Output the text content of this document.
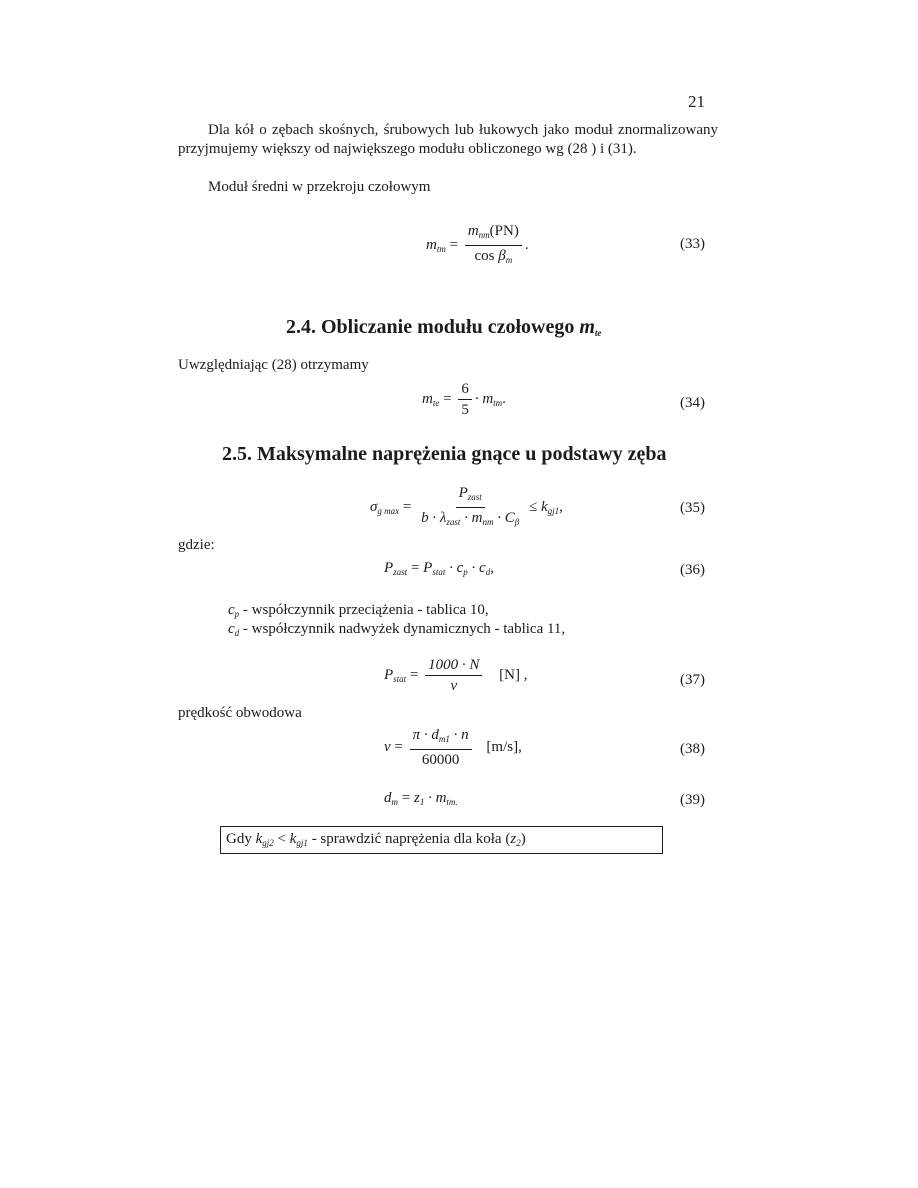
21
Dla kół o zębach skośnych, śrubowych lub łukowych jako moduł znormalizowany przyjmujemy większy od największego modułu obliczonego wg (28 ) i (31).
Moduł średni w przekroju czołowym
$m_{tm} = \frac{m_{nm}(PN)}{\cos \beta_m}$ .	(33)
2.4. Obliczanie modułu czołowego $m_{te}$
Uwzględniając (28) otrzymamy
$m_{te} = \frac{6}{5} \cdot m_{tm}$.	(34)
2.5. Maksymalne naprężenia gnące u podstawy zęba
$\sigma_{g max} = \frac{P_{zast}}{b \cdot \lambda_{zast} \cdot m_{nm} \cdot C_\beta} \le k_{gj1}$,	(35)
gdzie:
$P_{zast} = P_{stat} \cdot c_p \cdot c_d$,	(36)
$c_p$ - współczynnik przeciążenia - tablica 10,
$c_d$ - współczynnik nadwyżek dynamicznych - tablica 11,
$P_{stat} = \frac{1000 \cdot N}{v} [N]$ ,	(37)
prędkość obwodowa
$v = \frac{\pi \cdot d_{m1} \cdot n}{60000} [m/s]$,	(38)
$d_m = z_1 \cdot m_{tm.}$	(39)
Gdy $k_{gj2} < k_{gj1}$ - sprawdzić naprężenia dla koła $(z_2)$
